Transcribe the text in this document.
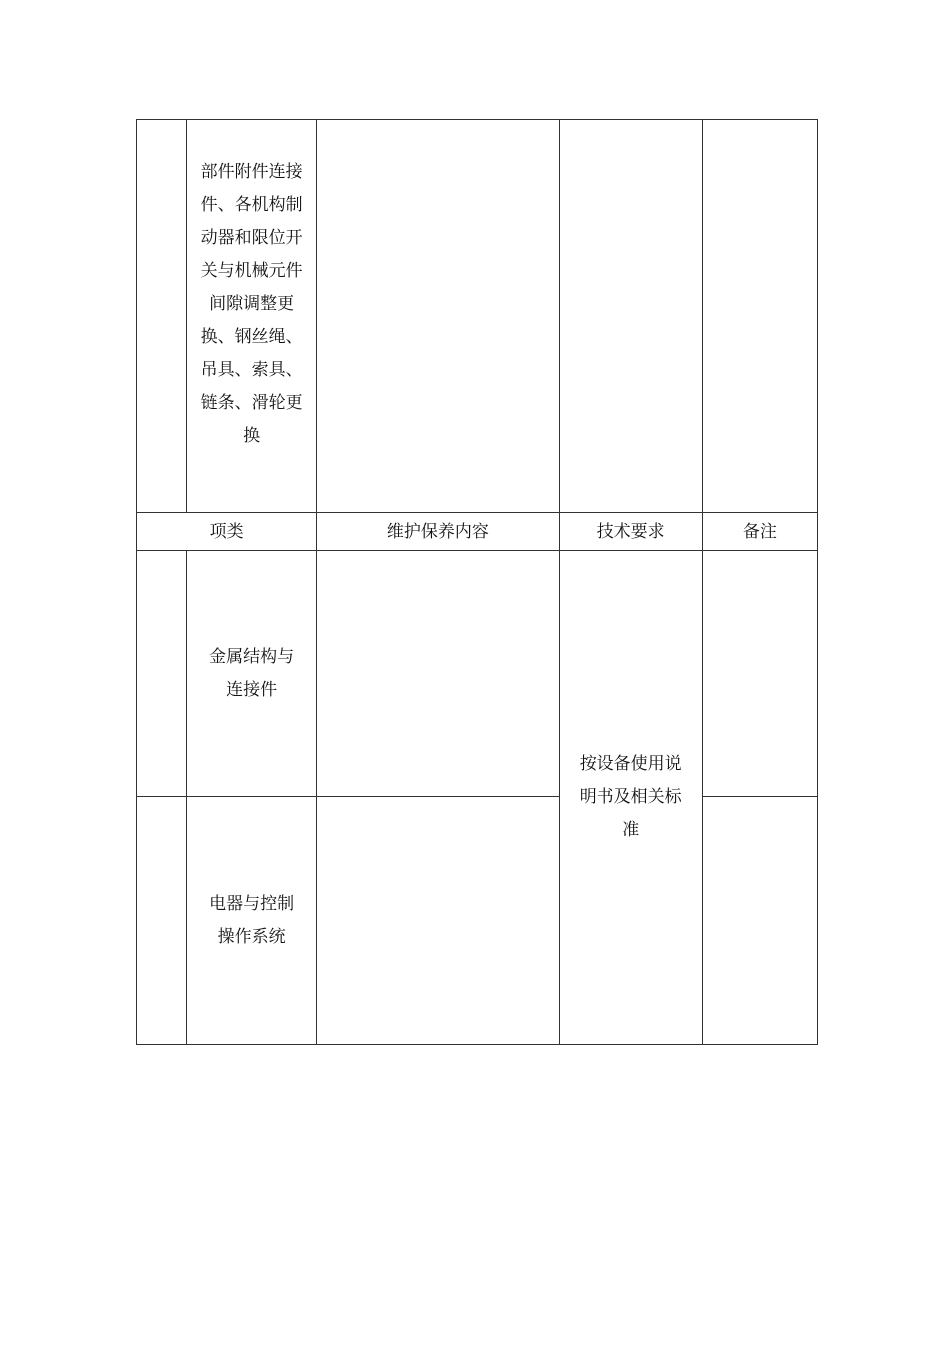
	部件附件连接件、各机构制动器和限位开关与机械元件间隙调整更换、钢丝绳、吊具、索具、链条、滑轮更换			

项类		维护保养内容	技术要求	备注

	金属结构与连接件		按设备使用说明书及相关标准	

	电器与控制操作系统			
